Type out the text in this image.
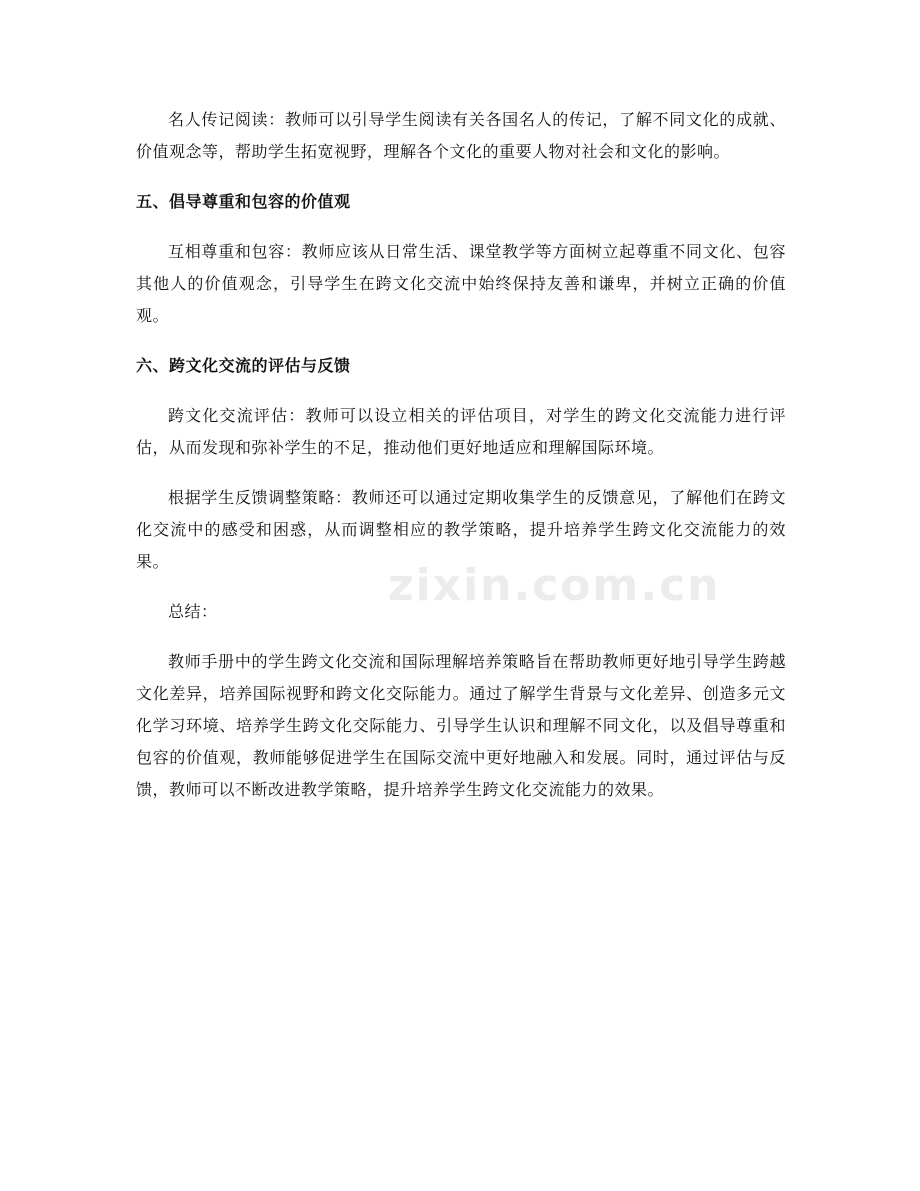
名人传记阅读：教师可以引导学生阅读有关各国名人的传记，了解不同文化的成就、价值观念等，帮助学生拓宽视野，理解各个文化的重要人物对社会和文化的影响。

五、倡导尊重和包容的价值观

互相尊重和包容：教师应该从日常生活、课堂教学等方面树立起尊重不同文化、包容其他人的价值观念，引导学生在跨文化交流中始终保持友善和谦卑，并树立正确的价值观。

六、跨文化交流的评估与反馈

跨文化交流评估：教师可以设立相关的评估项目，对学生的跨文化交流能力进行评估，从而发现和弥补学生的不足，推动他们更好地适应和理解国际环境。

根据学生反馈调整策略：教师还可以通过定期收集学生的反馈意见，了解他们在跨文化交流中的感受和困惑，从而调整相应的教学策略，提升培养学生跨文化交流能力的效果。

总结：

教师手册中的学生跨文化交流和国际理解培养策略旨在帮助教师更好地引导学生跨越文化差异，培养国际视野和跨文化交际能力。通过了解学生背景与文化差异、创造多元文化学习环境、培养学生跨文化交际能力、引导学生认识和理解不同文化，以及倡导尊重和包容的价值观，教师能够促进学生在国际交流中更好地融入和发展。同时，通过评估与反馈，教师可以不断改进教学策略，提升培养学生跨文化交流能力的效果。

zixin.com.cn
